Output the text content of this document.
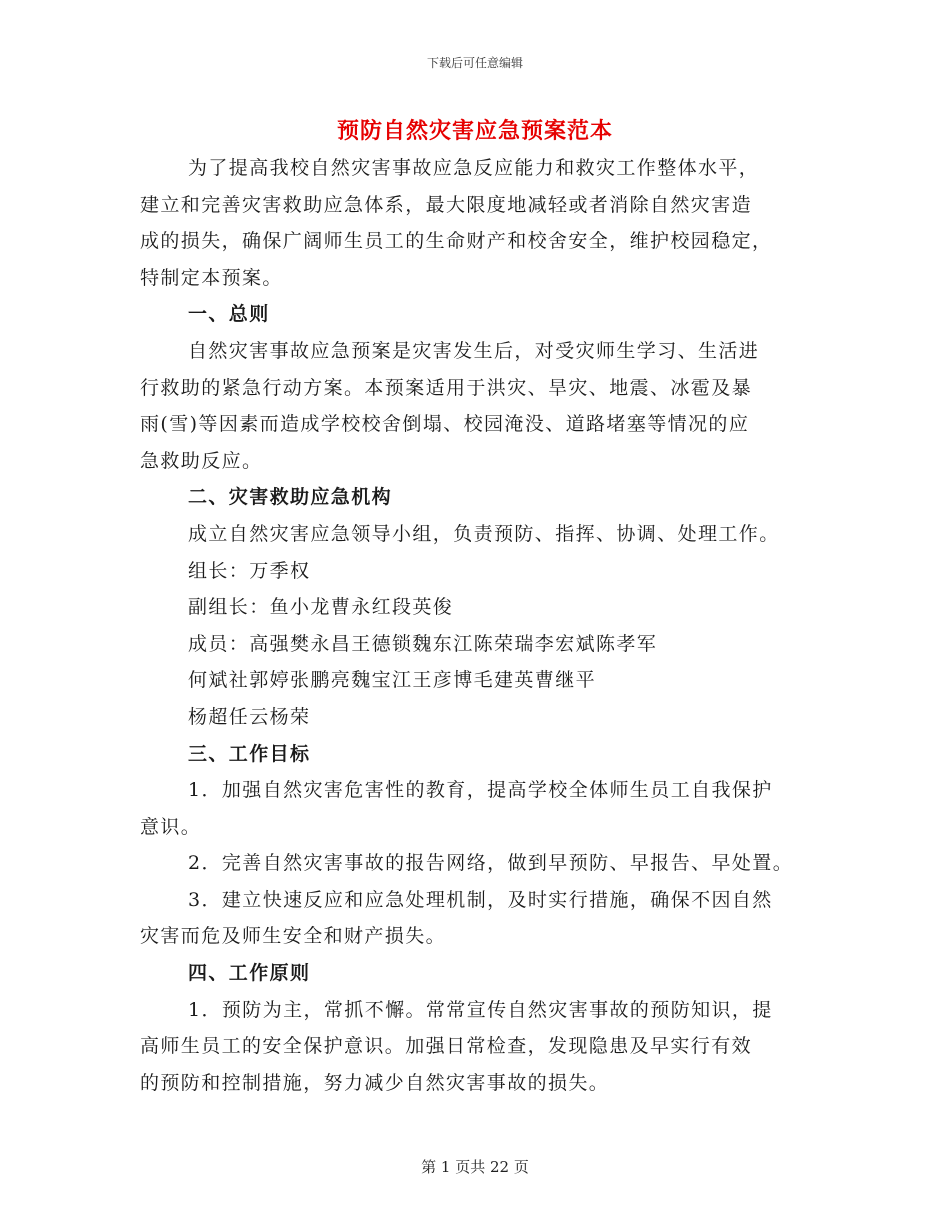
下载后可任意编辑
预防自然灾害应急预案范本
为了提高我校自然灾害事故应急反应能力和救灾工作整体水平，
建立和完善灾害救助应急体系，最大限度地减轻或者消除自然灾害造
成的损失，确保广阔师生员工的生命财产和校舍安全，维护校园稳定，
特制定本预案。
一、总则
自然灾害事故应急预案是灾害发生后，对受灾师生学习、生活进
行救助的紧急行动方案。本预案适用于洪灾、旱灾、地震、冰雹及暴
雨(雪)等因素而造成学校校舍倒塌、校园淹没、道路堵塞等情况的应
急救助反应。
二、灾害救助应急机构
成立自然灾害应急领导小组，负责预防、指挥、协调、处理工作。
组长：万季权
副组长：鱼小龙曹永红段英俊
成员：高强樊永昌王德锁魏东江陈荣瑞李宏斌陈孝军
何斌社郭婷张鹏亮魏宝江王彦博毛建英曹继平
杨超任云杨荣
三、工作目标
1．加强自然灾害危害性的教育，提高学校全体师生员工自我保护
意识。
2．完善自然灾害事故的报告网络，做到早预防、早报告、早处置。
3．建立快速反应和应急处理机制，及时实行措施，确保不因自然
灾害而危及师生安全和财产损失。
四、工作原则
1．预防为主，常抓不懈。常常宣传自然灾害事故的预防知识，提
高师生员工的安全保护意识。加强日常检查，发现隐患及早实行有效
的预防和控制措施，努力减少自然灾害事故的损失。
第 1 页共 22 页
